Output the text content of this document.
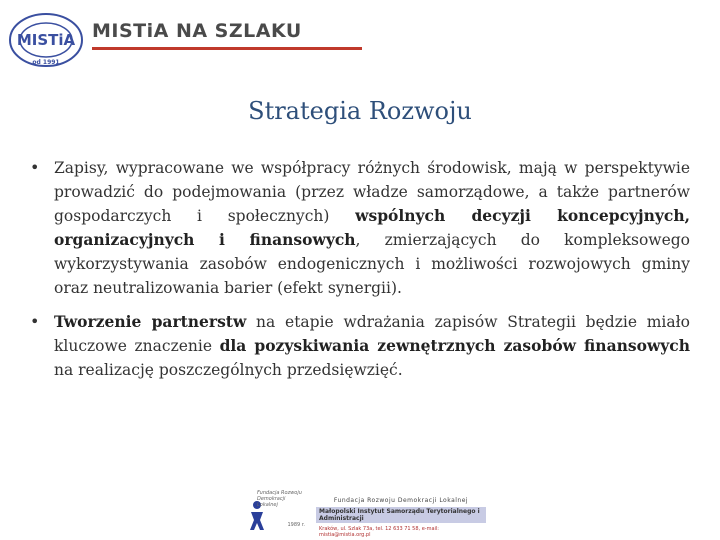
MISTiA
od 1991
MISTiA NA SZLAKU
Strategia Rozwoju
• Zapisy, wypracowane we współpracy różnych środowisk, mają w perspektywie prowadzić do podejmowania (przez władze samorządowe, a także partnerów gospodarczych i społecznych) wspólnych decyzji koncepcyjnych, organizacyjnych i finansowych, zmierzających do kompleksowego wykorzystywania zasobów endogenicznych i możliwości rozwojowych gminy oraz neutralizowania barier (efekt synergii).
• Tworzenie partnerstw na etapie wdrażania zapisów Strategii będzie miało kluczowe znaczenie dla pozyskiwania zewnętrznych zasobów finansowych na realizację poszczególnych przedsięwzięć.
Fundacja Rozwoju Demokracji Lokalnej
1989 r.
Fundacja Rozwoju Demokracji Lokalnej
Małopolski Instytut Samorządu Terytorialnego i Administracji
Kraków, ul. Szlak 73a, tel. 12 633 71 58, e-mail: mistia@mistia.org.pl
